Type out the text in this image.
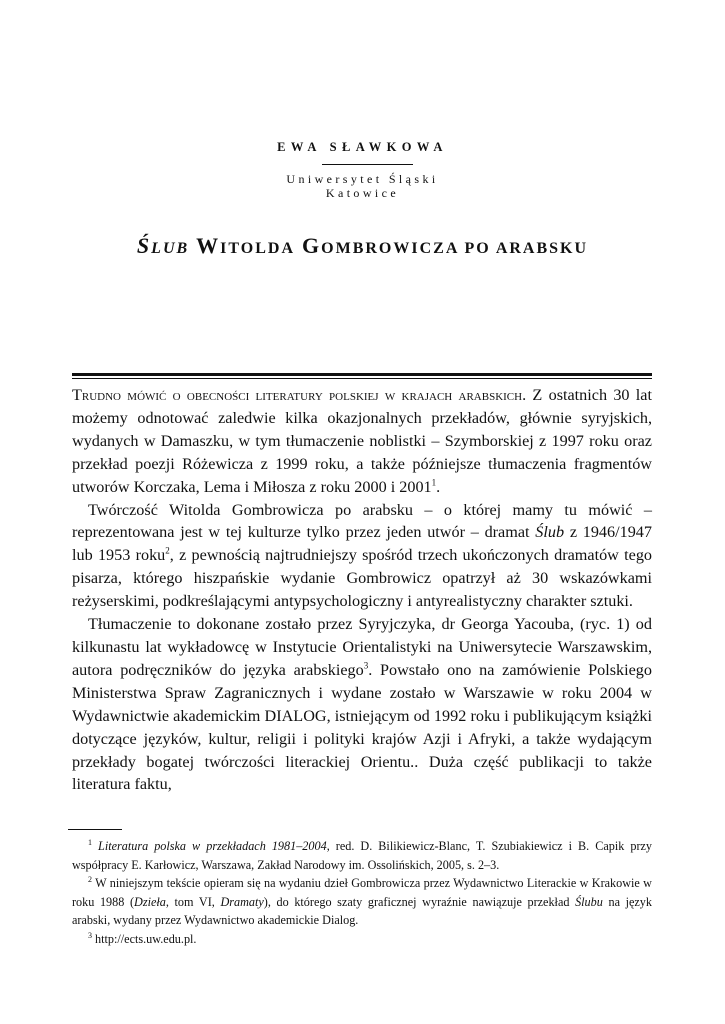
EWA SŁAWKOWA
Uniwersytet Śląski
Katowice
ŚLUB WITOLDA GOMBROWICZA PO ARABSKU

Trudno mówić o obecności literatury polskiej w krajach arabskich. Z ostatnich 30 lat możemy odnotować zaledwie kilka okazjonalnych przekładów, głównie syryjskich, wydanych w Damaszku, w tym tłumaczenie noblistki – Szymborskiej z 1997 roku oraz przekład poezji Różewicza z 1999 roku, a także późniejsze tłumaczenia fragmentów utworów Korczaka, Lema i Miłosza z roku 2000 i 2001$^1$.

Twórczość Witolda Gombrowicza po arabsku – o której mamy tu mówić – reprezentowana jest w tej kulturze tylko przez jeden utwór – dramat Ślub z 1946/1947 lub 1953 roku$^2$, z pewnością najtrudniejszy spośród trzech ukończonych dramatów tego pisarza, którego hiszpańskie wydanie Gombrowicz opatrzył aż 30 wskazówkami reżyserskimi, podkreślającymi antypsychologiczny i antyrealistyczny charakter sztuki.

Tłumaczenie to dokonane zostało przez Syryjczyka, dr Georga Yacouba, (ryc. 1) od kilkunastu lat wykładowcę w Instytucie Orientalistyki na Uniwersytecie Warszawskim, autora podręczników do języka arabskiego$^3$. Powstało ono na zamówienie Polskiego Ministerstwa Spraw Zagranicznych i wydane zostało w Warszawie w roku 2004 w Wydawnictwie akademickim DIALOG, istniejącym od 1992 roku i publikującym książki dotyczące języków, kultur, religii i polityki krajów Azji i Afryki, a także wydającym przekłady bogatej twórczości literackiej Orientu.. Duża część publikacji to także literatura faktu,

$^1$ Literatura polska w przekładach 1981–2004, red. D. Bilikiewicz-Blanc, T. Szubiakiewicz i B. Capik przy współpracy E. Karłowicz, Warszawa, Zakład Narodowy im. Ossolińskich, 2005, s. 2–3.

$^2$ W niniejszym tekście opieram się na wydaniu dzieł Gombrowicza przez Wydawnictwo Literackie w Krakowie w roku 1988 (Dzieła, tom VI, Dramaty), do którego szaty graficznej wyraźnie nawiązuje przekład Ślubu na język arabski, wydany przez Wydawnictwo akademickie Dialog.

$^3$ http://ects.uw.edu.pl.
